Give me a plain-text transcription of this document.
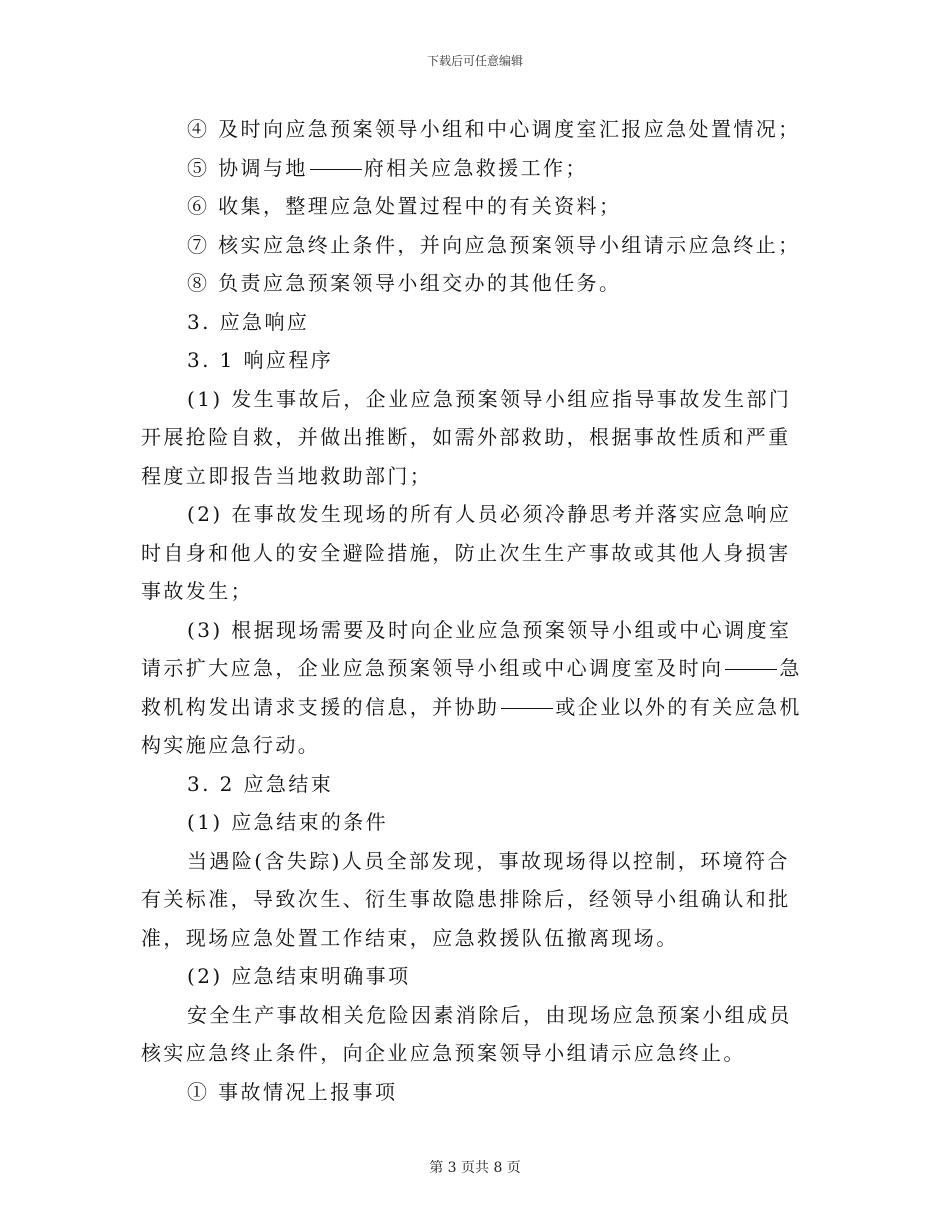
下载后可任意编辑

④ 及时向应急预案领导小组和中心调度室汇报应急处置情况；

⑤ 协调与地	府相关应急救援工作；

⑥ 收集，整理应急处置过程中的有关资料；

⑦ 核实应急终止条件，并向应急预案领导小组请示应急终止；

⑧ 负责应急预案领导小组交办的其他任务。

3. 应急响应

3. 1 响应程序

(1) 发生事故后，企业应急预案领导小组应指导事故发生部门开展抢险自救，并做出推断，如需外部救助，根据事故性质和严重程度立即报告当地救助部门；

(2) 在事故发生现场的所有人员必须冷静思考并落实应急响应时自身和他人的安全避险措施，防止次生生产事故或其他人身损害事故发生；

(3) 根据现场需要及时向企业应急预案领导小组或中心调度室请示扩大应急，企业应急预案领导小组或中心调度室及时向	急救机构发出请求支援的信息，并协助	或企业以外的有关应急机构实施应急行动。

3. 2 应急结束

(1) 应急结束的条件

当遇险(含失踪)人员全部发现，事故现场得以控制，环境符合有关标准，导致次生、衍生事故隐患排除后，经领导小组确认和批准，现场应急处置工作结束，应急救援队伍撤离现场。

(2) 应急结束明确事项

安全生产事故相关危险因素消除后，由现场应急预案小组成员核实应急终止条件，向企业应急预案领导小组请示应急终止。

① 事故情况上报事项

第 3 页共 8 页
